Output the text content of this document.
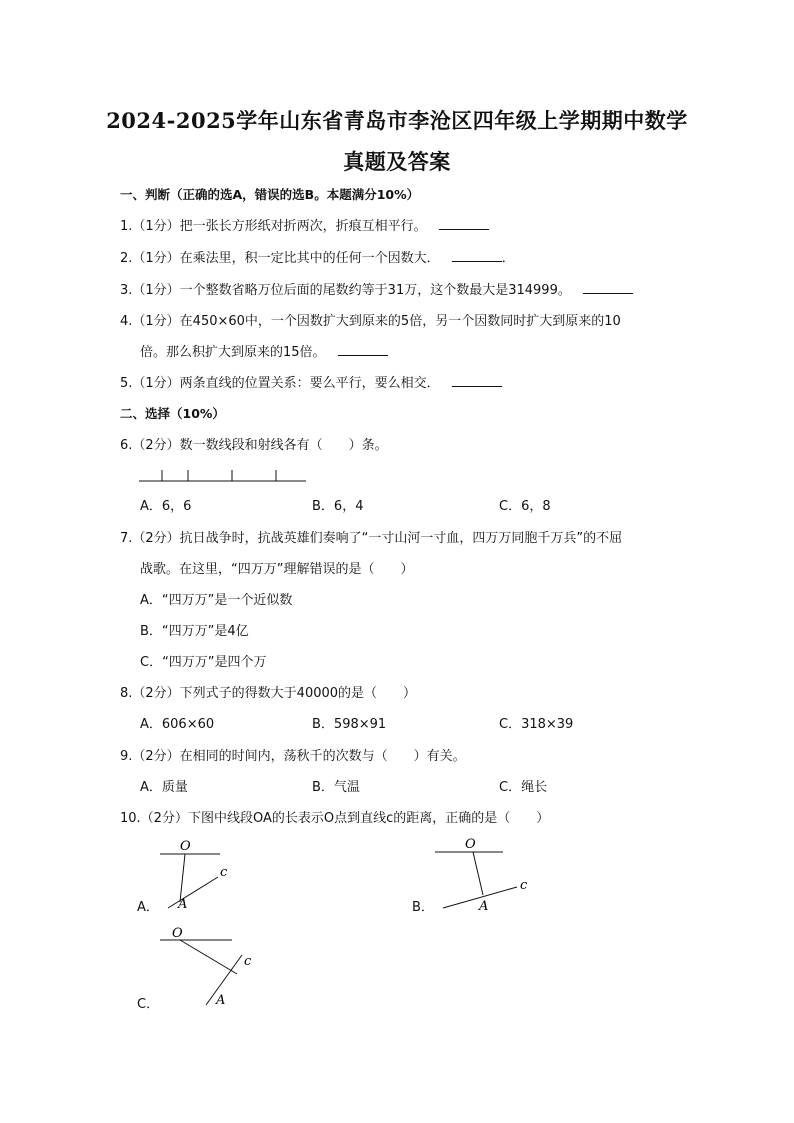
2024-2025学年山东省青岛市李沧区四年级上学期期中数学
真题及答案
一、判断（正确的选A，错误的选B。本题满分10%）
1.（1分）把一张长方形纸对折两次，折痕互相平行。
2.（1分）在乘法里，积一定比其中的任何一个因数大．	．
3.（1分）一个整数省略万位后面的尾数约等于31万，这个数最大是314999。
4.（1分）在450×60中，一个因数扩大到原来的5倍，另一个因数同时扩大到原来的10
倍。那么积扩大到原来的15倍。
5.（1分）两条直线的位置关系：要么平行，要么相交．
二、选择（10%）
6.（2分）数一数线段和射线各有（　　）条。
A．6，6	B．6，4	C．6，8
7.（2分）抗日战争时，抗战英雄们奏响了“一寸山河一寸血，四万万同胞千万兵”的不屈
战歌。在这里，“四万万”理解错误的是（　　）
A．“四万万”是一个近似数
B．“四万万”是4亿
C．“四万万”是四个万
8.（2分）下列式子的得数大于40000的是（　　）
A．606×60	B．598×91	C．318×39
9.（2分）在相同的时间内，荡秋千的次数与（　　）有关。
A．质量	B．气温	C．绳长
10.（2分）下图中线段OA的长表示O点到直线c的距离，正确的是（　　）
A．
O
A
c
B．
O
A
c
C．
O
A
c
